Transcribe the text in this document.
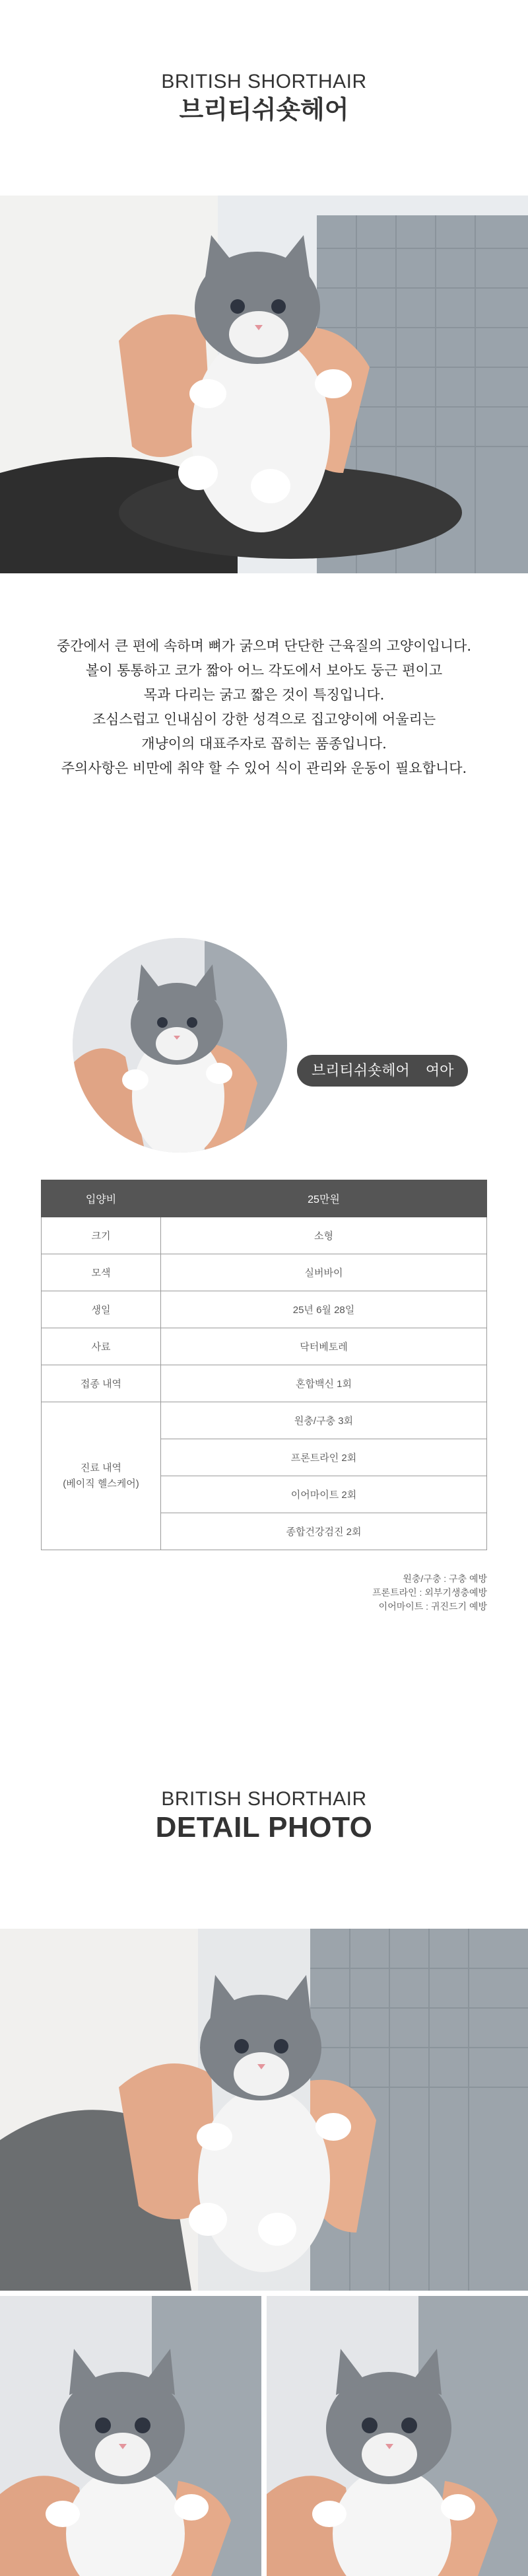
BRITISH SHORTHAIR
브리티쉬숏헤어

중간에서 큰 편에 속하며 뼈가 굵으며 단단한 근육질의 고양이입니다.

볼이 통통하고 코가 짧아 어느 각도에서 보아도 둥근 편이고

목과 다리는 굵고 짧은 것이 특징입니다.

조심스럽고 인내심이 강한 성격으로 집고양이에 어울리는

개냥이의 대표주자로 꼽히는 품종입니다.

주의사항은 비만에 취약 할 수 있어 식이 관리와 운동이 필요합니다.

브리티쉬숏헤어 여아
입양비	25만원
크기	소형
모색	실버바이
생일	25년 6월 28일
사료	닥터베토레
접종 내역	혼합백신 1회
진료 내역
(베이직 헬스케어)	원충/구충 3회
	프론트라인 2회
	이어마이트 2회
	종합건강검진 2회

원충/구충 : 구충 예방

프론트라인 : 외부기생충예방

이어마이트 : 귀진드기 예방

BRITISH SHORTHAIR
DETAIL PHOTO
